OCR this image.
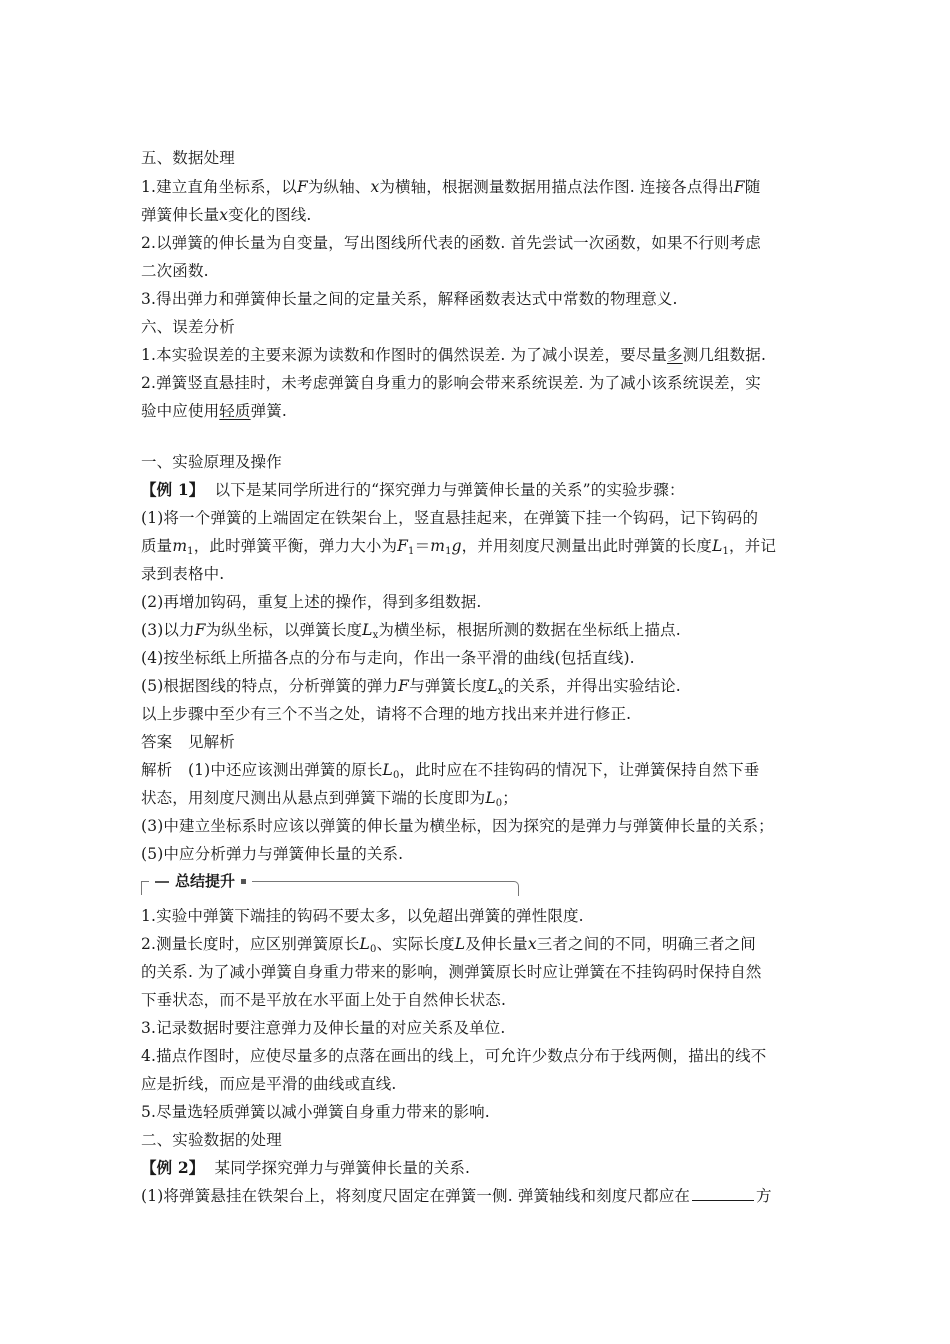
五、数据处理
1.建立直角坐标系，以F为纵轴、x为横轴，根据测量数据用描点法作图. 连接各点得出F随
弹簧伸长量x变化的图线.
2.以弹簧的伸长量为自变量，写出图线所代表的函数. 首先尝试一次函数，如果不行则考虑
二次函数.
3.得出弹力和弹簧伸长量之间的定量关系，解释函数表达式中常数的物理意义.
六、误差分析
1.本实验误差的主要来源为读数和作图时的偶然误差. 为了减小误差，要尽量多测几组数据.
2.弹簧竖直悬挂时，未考虑弹簧自身重力的影响会带来系统误差. 为了减小该系统误差，实
验中应使用轻质弹簧.
一、实验原理及操作
【例 1】 以下是某同学所进行的“探究弹力与弹簧伸长量的关系”的实验步骤：
(1)将一个弹簧的上端固定在铁架台上，竖直悬挂起来，在弹簧下挂一个钩码，记下钩码的
质量$m_1$，此时弹簧平衡，弹力大小为$F_1=m_1g$，并用刻度尺测量出此时弹簧的长度$L_1$，并记
录到表格中.
(2)再增加钩码，重复上述的操作，得到多组数据.
(3)以力F为纵坐标，以弹簧长度$L_x$为横坐标，根据所测的数据在坐标纸上描点.
(4)按坐标纸上所描各点的分布与走向，作出一条平滑的曲线(包括直线).
(5)根据图线的特点，分析弹簧的弹力F与弹簧长度$L_x$的关系，并得出实验结论.
以上步骤中至少有三个不当之处，请将不合理的地方找出来并进行修正.
答案　见解析
解析　(1)中还应该测出弹簧的原长$L_0$，此时应在不挂钩码的情况下，让弹簧保持自然下垂
状态，用刻度尺测出从悬点到弹簧下端的长度即为$L_0$；
(3)中建立坐标系时应该以弹簧的伸长量为横坐标，因为探究的是弹力与弹簧伸长量的关系；
(5)中应分析弹力与弹簧伸长量的关系.
总结提升
1.实验中弹簧下端挂的钩码不要太多，以免超出弹簧的弹性限度.
2.测量长度时，应区别弹簧原长$L_0$、实际长度L及伸长量x三者之间的不同，明确三者之间
的关系. 为了减小弹簧自身重力带来的影响，测弹簧原长时应让弹簧在不挂钩码时保持自然
下垂状态，而不是平放在水平面上处于自然伸长状态.
3.记录数据时要注意弹力及伸长量的对应关系及单位.
4.描点作图时，应使尽量多的点落在画出的线上，可允许少数点分布于线两侧，描出的线不
应是折线，而应是平滑的曲线或直线.
5.尽量选轻质弹簧以减小弹簧自身重力带来的影响.
二、实验数据的处理
【例 2】 某同学探究弹力与弹簧伸长量的关系.
(1)将弹簧悬挂在铁架台上，将刻度尺固定在弹簧一侧. 弹簧轴线和刻度尺都应在	方
